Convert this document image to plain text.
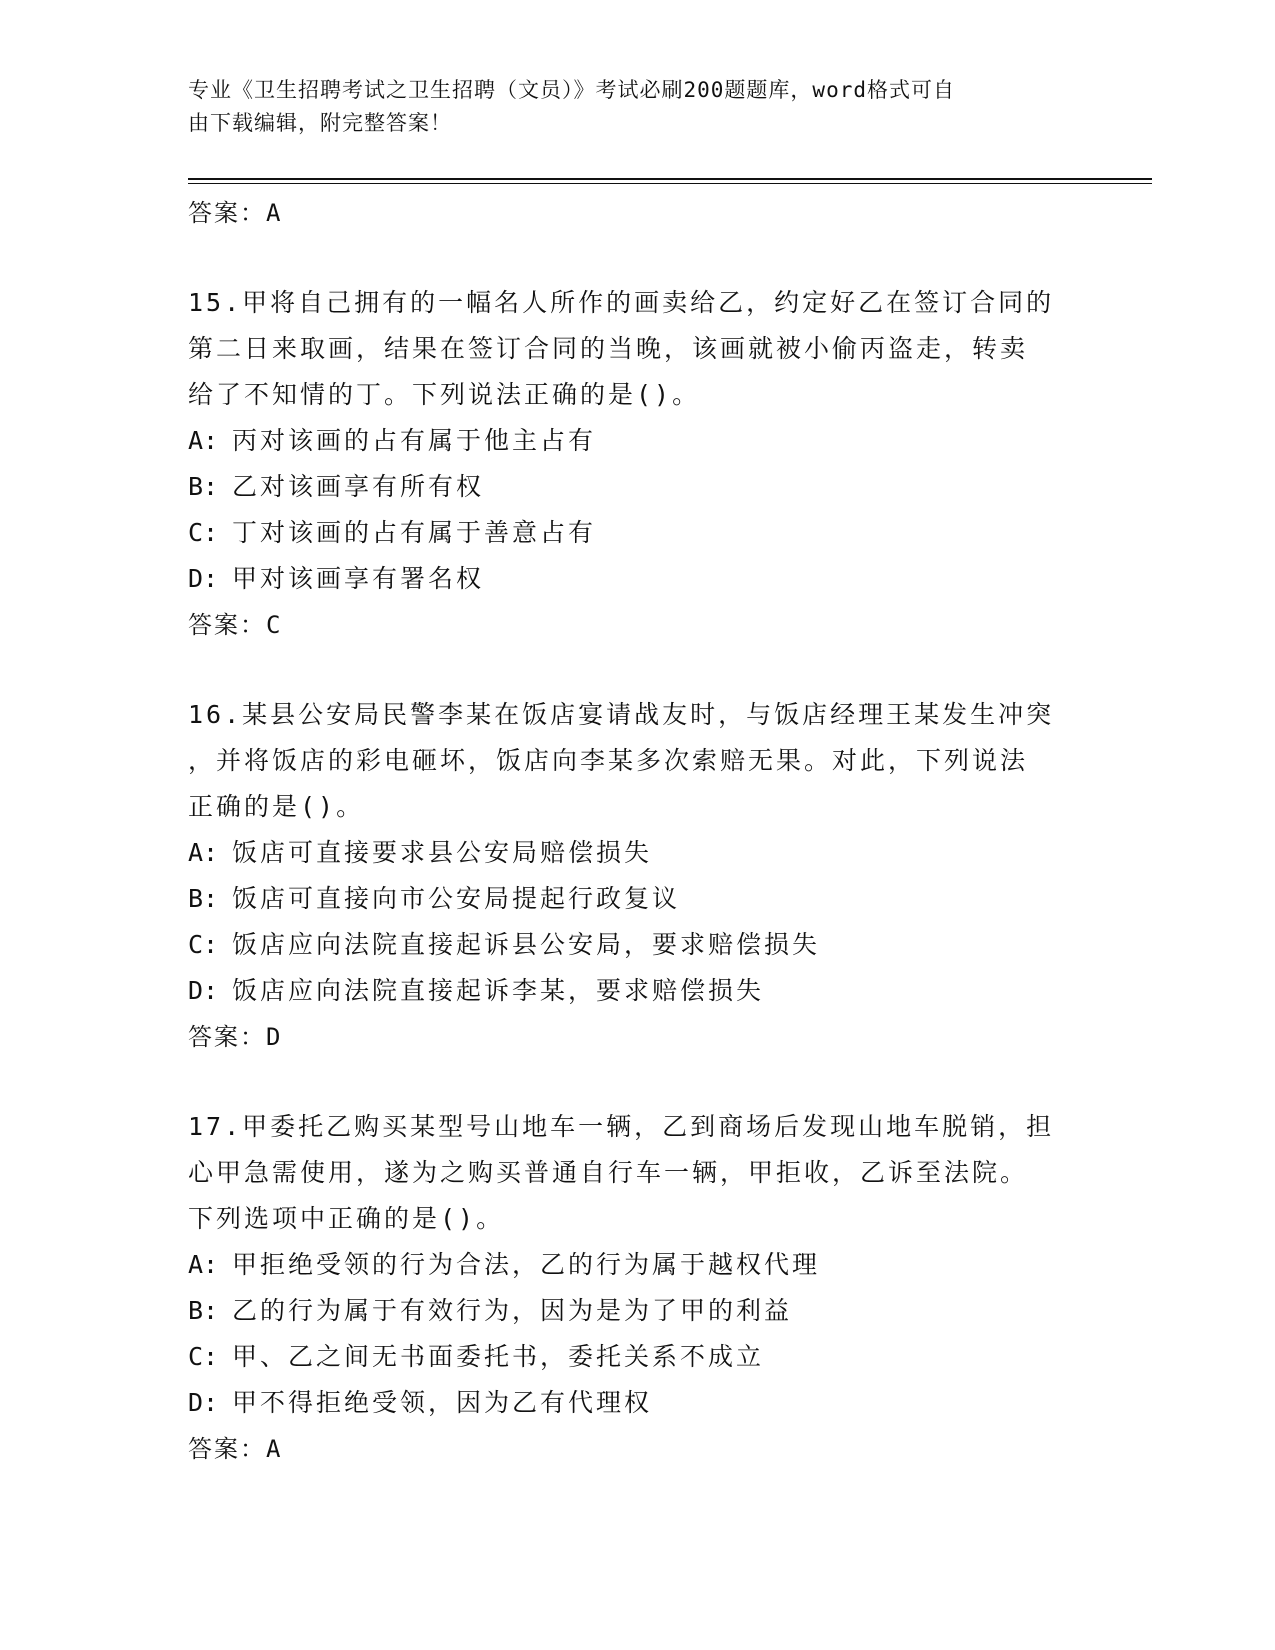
专业《卫生招聘考试之卫生招聘（文员）》考试必刷200题题库，word格式可自
由下载编辑，附完整答案！

答案：A

15.甲将自己拥有的一幅名人所作的画卖给乙，约定好乙在签订合同的

第二日来取画，结果在签订合同的当晚，该画就被小偷丙盗走，转卖

给了不知情的丁。下列说法正确的是()。

A: 丙对该画的占有属于他主占有

B: 乙对该画享有所有权

C: 丁对该画的占有属于善意占有

D: 甲对该画享有署名权

答案：C

16.某县公安局民警李某在饭店宴请战友时，与饭店经理王某发生冲突

，并将饭店的彩电砸坏，饭店向李某多次索赔无果。对此，下列说法

正确的是()。

A: 饭店可直接要求县公安局赔偿损失

B: 饭店可直接向市公安局提起行政复议

C: 饭店应向法院直接起诉县公安局，要求赔偿损失

D: 饭店应向法院直接起诉李某，要求赔偿损失

答案：D

17.甲委托乙购买某型号山地车一辆，乙到商场后发现山地车脱销，担

心甲急需使用，遂为之购买普通自行车一辆，甲拒收，乙诉至法院。

下列选项中正确的是()。

A: 甲拒绝受领的行为合法，乙的行为属于越权代理

B: 乙的行为属于有效行为，因为是为了甲的利益

C: 甲、乙之间无书面委托书，委托关系不成立

D: 甲不得拒绝受领，因为乙有代理权

答案：A
